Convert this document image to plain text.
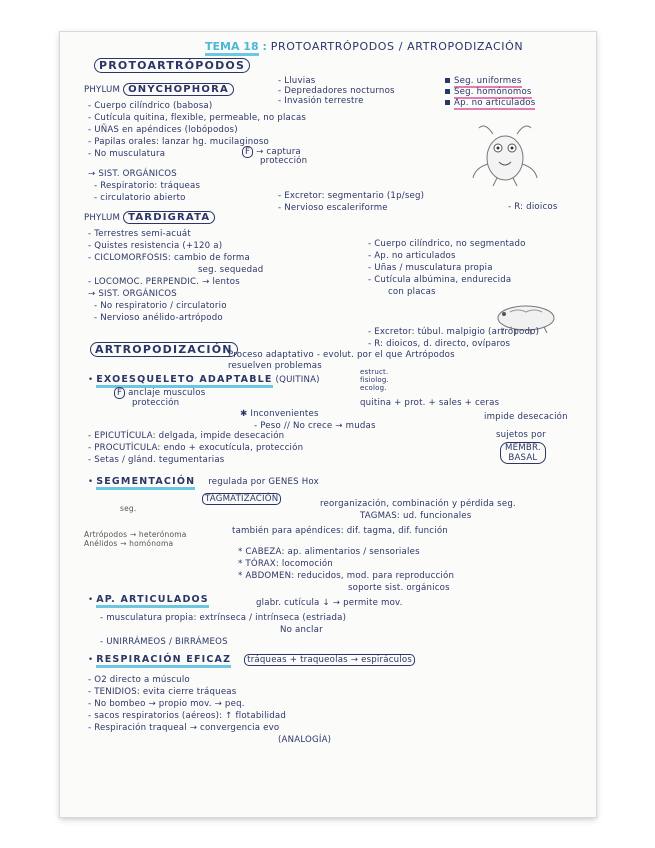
TEMA 18 : PROTOARTRÓPODOS / ARTROPODIZACIÓN
PROTOARTRÓPODOS
PHYLUM ONYCHOPHORA
- Lluvias
- Depredadores nocturnos
- Invasión terrestre
Seg. uniformes
Seg. homónomos
Ap. no articulados
- Cuerpo cilíndrico (babosa)
- Cutícula quitina, flexible, permeable, no placas
- UÑAS en apéndices (lobópodos)
- Papilas orales: lanzar hg. mucilaginoso
- No musculatura	F → captura
protección
→ SIST. ORGÁNICOS
- Respiratorio: tráqueas
- circulatorio abierto	- Excretor: segmentario (1p/seg)
- Nervioso escaleriforme	- R: dioicos
PHYLUM TARDIGRATA
- Terrestres semi-acuát
- Quistes resistencia (+120 a)
- CICLOMORFOSIS: cambio de forma
seg. sequedad
- LOCOMOC. PERPENDIC. → lentos
→ SIST. ORGÁNICOS
- No respiratorio / circulatorio
- Nervioso anélido-artrópodo
- Cuerpo cilíndrico, no segmentado
- Ap. no articulados
- Uñas / musculatura propia
- Cutícula albúmina, endurecida
con placas
- Excretor: túbul. malpigio (artrópodo)
- R: dioicos, d. directo, ovíparos
ARTROPODIZACIÓN
Proceso adaptativo - evolut. por el que Artrópodos
resuelven problemas
estruct.
fisiolog.
ecolog.
• EXOESQUELETO ADAPTABLE (QUITINA)
F anclaje musculos
protección	quitina + prot. + sales + ceras
impide desecación
✱ Inconvenientes
- Peso // No crece → mudas
- EPICUTÍCULA: delgada, impide desecación
- PROCUTÍCULA: endo + exocutícula, protección
- Setas / glánd. tegumentarias
sujetos por
MEMBR.
BASAL
• SEGMENTACIÓN regulada por GENES Hox
TAGMATIZACIÓN	reorganización, combinación y pérdida seg.
TAGMAS: ud. funcionales
también para apéndices: dif. tagma, dif. función
seg.
Artrópodos → heterónoma
Anélidos → homónoma
* CABEZA: ap. alimentarios / sensoriales
* TÓRAX: locomoción
* ABDOMEN: reducidos, mod. para reproducción
soporte sist. orgánicos
• AP. ARTICULADOS	glabr. cutícula ↓ → permite mov.
- musculatura propia: extrínseca / intrínseca (estriada)
No anclar
- UNIRRÁMEOS / BIRRÁMEOS
• RESPIRACIÓN EFICAZ tráqueas + traqueolas → espiráculos
- O2 directo a músculo
- TENIDIOS: evita cierre tráqueas
- No bombeo → propio mov. → peq.
- sacos respiratorios (aéreos): ↑ flotabilidad
- Respiración traqueal → convergencia evo
(ANALOGÍA)
